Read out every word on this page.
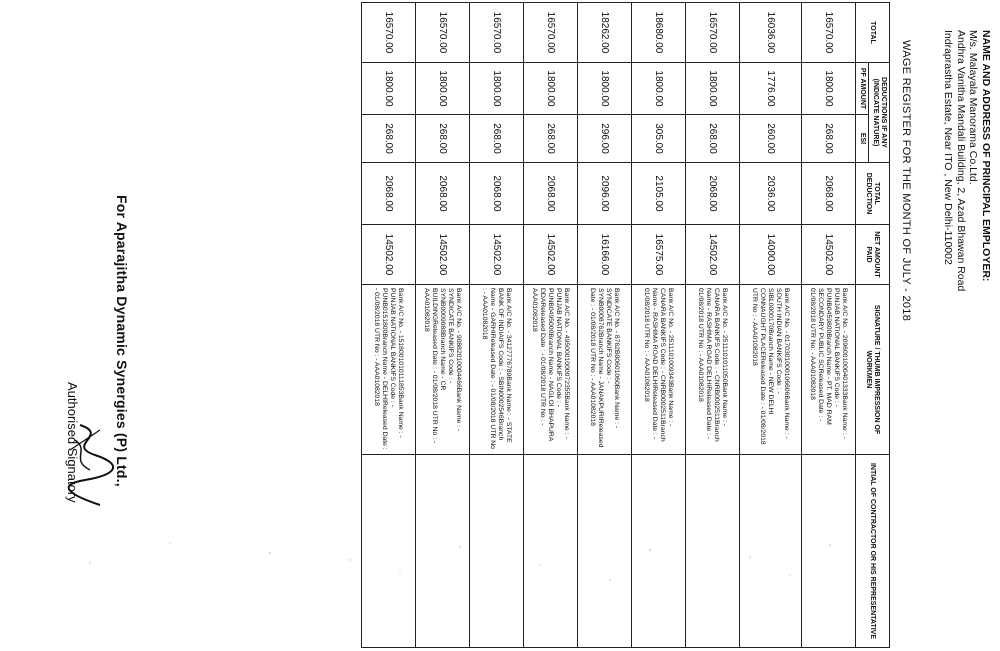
NAME AND ADDRESS OF PRINCIPAL EMPLOYER:
M/s. Malayala Manorama Co.Ltd.
Andhra Vanitha Mandali Building, 2, Azad Bhawan Road
Indraprastha Estate, Near ITO , New Delhi-110002
WAGE REGISTER FOR THE MONTH OF JULY - 2018
TOTAL	DEDUCTIONS IF ANY (INDICATE NATURE)		TOTAL DEDUCTION	NET AMOUNT PAID	SIGNATURE / THUMB IMPRESSION OF WORKMEN	INTIAL OF CONTRACTOR OR HIS REPRESENTATIVE
	PF AMOUNT	ESI				
16570.00	1800.00	268.00	2068.00	14502.00	Bank A/C No. - 2096001000401333Bank Name : - PUNJAB NATIONAL BANKIFS Code : - PUNB0459800Branch Name - PT. MAD RAM SECONDARY PUBLIC SCReleased Date : - 01/08/2018 UTR No: - AAA01082018	
16036.00	1776.00	260.00	2036.00	14000.00	Bank A/C No. - 0170301000106606Bank Name : - SOUTH INDIAN BANKIFS Code : - SIBL0000170Branch Name - NEW DELHI CONNAUGHT PLACEReleased Date : - 01/08/2018 UTR No : - AAA01082018	
16570.00	1800.00	268.00	2068.00	14502.00	Bank A/C No. - 2511101011050Bank Name : - CANARA BANKIFS Code : - CNRB0002511Branch Name - RASHIMA ROAD DELHIReleased Date : - 01/08/2018 UTR No : - AAA01082018	
18680.00	1800.00	305.00	2105.00	16575.00	Bank A/C No. - 2511101009343Bank Name : - CANARA BANKIFS Code : - CNRB0002511Branch Name - RASHIMA ROAD DELHIReleased Date : - 01/08/2018 UTR No : - AAA01082018	
18262.00	1800.00	296.00	2096.00	16166.00	Bank A/C No. - 8762B00601060Bank Name : - SYNDICATE BANKIFS Code : - SYNB0008762Branch Name - JANAKPURIReleased Date : - 01/08/2018 UTR No : - AAA01082018	
16570.00	1800.00	268.00	2068.00	14502.00	Bank A/C No. - 4950001000072355Bank Name : - PUNJAB NATIONAL BANKIFS Code : - PUNB0495000Branch Name - NAGLOI BHAPURA DDAReleased Date : - 01/08/2018 UTR No : - AAA01082018	
16570.00	1800.00	268.00	2068.00	14502.00	Bank A/C No. - 34127776789Bank Name : - STATE BANK OF INDIAIFS Code : - SBIN0002546Branch Name - GARHIReleased Date : - 01/08/2018 UTR No : - AAA01082018	
16570.00	1800.00	268.00	2068.00	14502.00	Bank A/C No. - 90882010004466Bank Name : - SYNDICATE BANKIFS Code : - SYNB0009088Branch Name - CR BUILDINGReleased Date : - 01/08/2018 UTR No : - AAA01082018	
16570.00	1800.00	268.00	2068.00	14502.00	Bank A/C No. - 1518001010111853Bank Name : - PUNJAB NATIONAL BANKIFS Code : - PUNB0151800Branch Name - DELHIReleased Date : - 01/08/2018 UTR No : - AAA01082018	
For Aparajitha Dynamic Synergies (P) Ltd.,
Authorised Signatory
